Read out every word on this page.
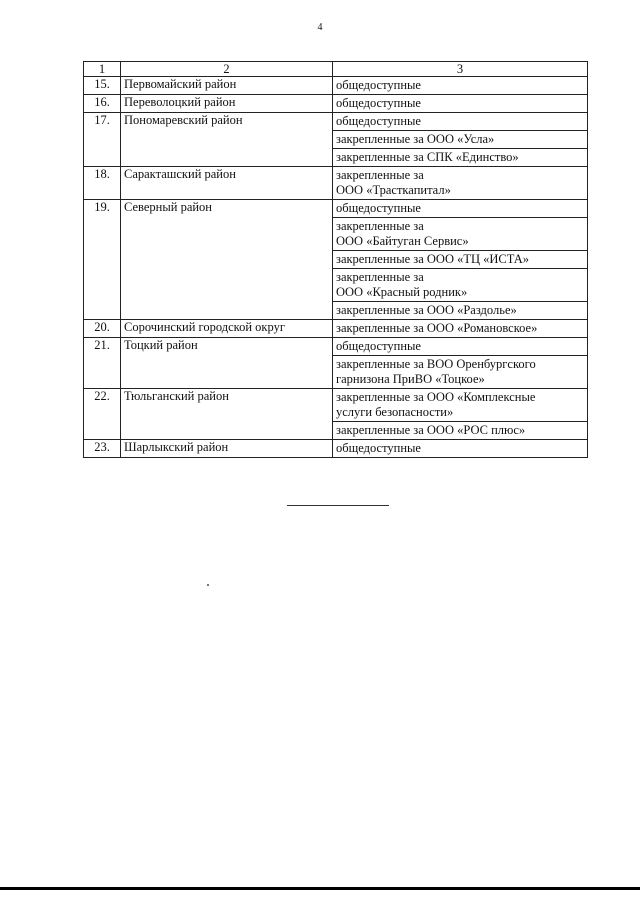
4
1	2	3
15.	Первомайский район	общедоступные

16.	Переволоцкий район	общедоступные

17.	Пономаревский район	общедоступные

		закрепленные за ООО «Усла»

		закрепленные за СПК «Единство»

18.	Саракташский район	закрепленные за
ООО «Трасткапитал»

19.	Северный район	общедоступные

		закрепленные за
ООО «Байтуган Сервис»

		закрепленные за ООО «ТЦ «ИСТА»

		закрепленные за
ООО «Красный родник»

		закрепленные за ООО «Раздолье»

20.	Сорочинский городской округ	закрепленные за ООО «Романовское»

21.	Тоцкий район	общедоступные

		закрепленные за ВОО Оренбургского
гарнизона ПриВО «Тоцкое»

22.	Тюльганский район	закрепленные за ООО «Комплексные
услуги безопасности»

		закрепленные за ООО «РОС плюс»

23.	Шарлыкский район	общедоступные
